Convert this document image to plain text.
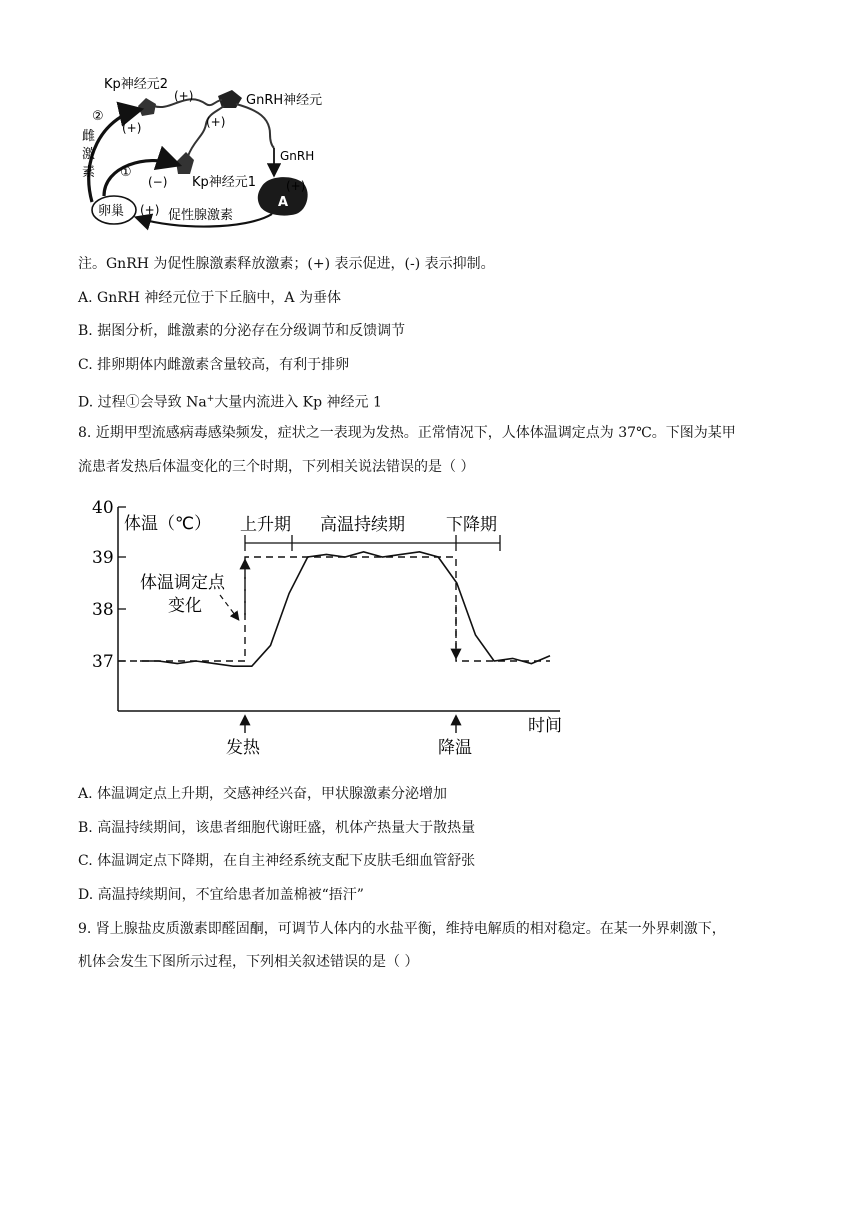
A
卵巢	促性腺激素
(+)
雌
激
素
Kp神经元2
GnRH神经元
GnRH
Kp神经元1
②
①
(+)
(+)	(+)
(−)	(+)
注。GnRH 为促性腺激素释放激素；(+) 表示促进，(-) 表示抑制。
A. GnRH 神经元位于下丘脑中，A 为垂体
B. 据图分析，雌激素的分泌存在分级调节和反馈调节
C. 排卵期体内雌激素含量较高，有利于排卵
D. 过程①会导致 Na+大量内流进入 Kp 神经元 1
8. 近期甲型流感病毒感染频发，症状之一表现为发热。正常情况下，人体体温调定点为 37℃。下图为某甲
流患者发热后体温变化的三个时期，下列相关说法错误的是（ ）
40
39
38
37
体温（℃）
时间
上升期 高温持续期 下降期
体温调定点
变化
发热	降温
A. 体温调定点上升期，交感神经兴奋，甲状腺激素分泌增加
B. 高温持续期间，该患者细胞代谢旺盛，机体产热量大于散热量
C. 体温调定点下降期，在自主神经系统支配下皮肤毛细血管舒张
D. 高温持续期间，不宜给患者加盖棉被“捂汗”
9. 肾上腺盐皮质激素即醛固酮，可调节人体内的水盐平衡，维持电解质的相对稳定。在某一外界刺激下，
机体会发生下图所示过程，下列相关叙述错误的是（ ）
